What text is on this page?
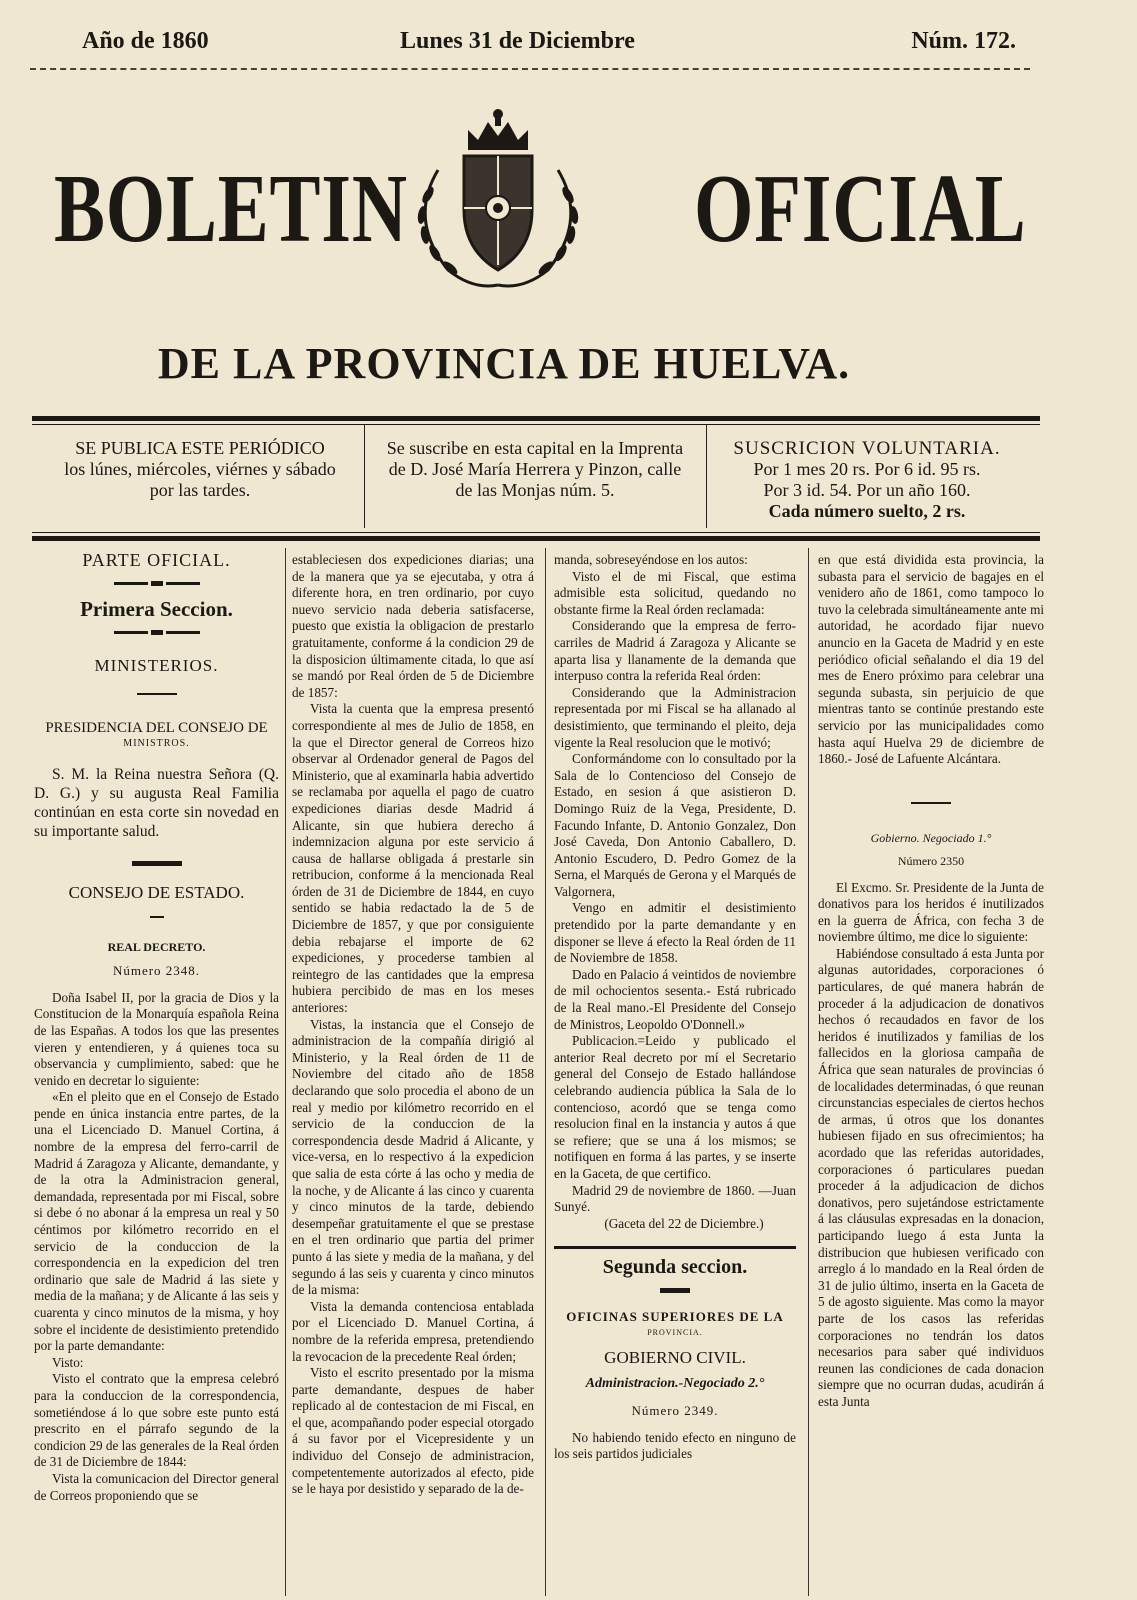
Año de 1860	Lunes 31 de Diciembre	Núm. 172.
BOLETIN	OFICIAL
DE LA PROVINCIA DE HUELVA.
SE PUBLICA ESTE PERIÓDICO
los lúnes, miércoles, viérnes y sábado
por las tardes.
Se suscribe en esta capital en la Imprenta
de D. José María Herrera y Pinzon, calle
de las Monjas núm. 5.
SUSCRICION VOLUNTARIA.
Por 1 mes 20 rs. Por 6 id. 95 rs.
Por 3 id. 54. Por un año 160.
Cada número suelto, 2 rs.
PARTE OFICIAL.
Primera Seccion.
MINISTERIOS.
PRESIDENCIA DEL CONSEJO DE
MINISTROS.

S. M. la Reina nuestra Señora (Q. D. G.) y su augusta Real Familia continúan en esta corte sin novedad en su importante salud.

CONSEJO DE ESTADO.
REAL DECRETO.
Número 2348.

Doña Isabel II, por la gracia de Dios y la Constitucion de la Monarquía española Reina de las Españas. A todos los que las presentes vieren y entendieren, y á quienes toca su observancia y cumplimiento, sabed: que he venido en decretar lo siguiente:

«En el pleito que en el Consejo de Estado pende en única instancia entre partes, de la una el Licenciado D. Manuel Cortina, á nombre de la empresa del ferro-carril de Madrid á Zaragoza y Alicante, demandante, y de la otra la Administracion general, demandada, representada por mi Fiscal, sobre si debe ó no abonar á la empresa un real y 50 céntimos por kilómetro recorrido en el servicio de la conduccion de la correspondencia en la expedicion del tren ordinario que sale de Madrid á las siete y media de la mañana; y de Alicante á las seis y cuarenta y cinco minutos de la misma, y hoy sobre el incidente de desistimiento pretendido por la parte demandante:

Visto:

Visto el contrato que la empresa celebró para la conduccion de la correspondencia, sometiéndose á lo que sobre este punto está prescrito en el párrafo segundo de la condicion 29 de las generales de la Real órden de 31 de Diciembre de 1844:

Vista la comunicacion del Director general de Correos proponiendo que se

estableciesen dos expediciones diarias; una de la manera que ya se ejecutaba, y otra á diferente hora, en tren ordinario, por cuyo nuevo servicio nada deberia satisfacerse, puesto que existia la obligacion de prestarlo gratuitamente, conforme á la condicion 29 de la disposicion últimamente citada, lo que así se mandó por Real órden de 5 de Diciembre de 1857:

Vista la cuenta que la empresa presentó correspondiente al mes de Julio de 1858, en la que el Director general de Correos hizo observar al Ordenador general de Pagos del Ministerio, que al examinarla habia advertido se reclamaba por aquella el pago de cuatro expediciones diarias desde Madrid á Alicante, sin que hubiera derecho á indemnizacion alguna por este servicio á causa de hallarse obligada á prestarle sin retribucion, conforme á la mencionada Real órden de 31 de Diciembre de 1844, en cuyo sentido se habia redactado la de 5 de Diciembre de 1857, y que por consiguiente debia rebajarse el importe de 62 expediciones, y procederse tambien al reintegro de las cantidades que la empresa hubiera percibido de mas en los meses anteriores:

Vistas, la instancia que el Consejo de administracion de la compañía dirigió al Ministerio, y la Real órden de 11 de Noviembre del citado año de 1858 declarando que solo procedia el abono de un real y medio por kilómetro recorrido en el servicio de la conduccion de la correspondencia desde Madrid á Alicante, y vice-versa, en lo respectivo á la expedicion que salia de esta córte á las ocho y media de la noche, y de Alicante á las cinco y cuarenta y cinco minutos de la tarde, debiendo desempeñar gratuitamente el que se prestase en el tren ordinario que partia del primer punto á las siete y media de la mañana, y del segundo á las seis y cuarenta y cinco minutos de la misma:

Vista la demanda contenciosa entablada por el Licenciado D. Manuel Cortina, á nombre de la referida empresa, pretendiendo la revocacion de la precedente Real órden;

Visto el escrito presentado por la misma parte demandante, despues de haber replicado al de contestacion de mi Fiscal, en el que, acompañando poder especial otorgado á su favor por el Vicepresidente y un individuo del Consejo de administracion, competentemente autorizados al efecto, pide se le haya por desistido y separado de la de-

manda, sobreseyéndose en los autos:

Visto el de mi Fiscal, que estima admisible esta solicitud, quedando no obstante firme la Real órden reclamada:

Considerando que la empresa de ferro-carriles de Madrid á Zaragoza y Alicante se aparta lisa y llanamente de la demanda que interpuso contra la referida Real órden:

Considerando que la Administracion representada por mi Fiscal se ha allanado al desistimiento, que terminando el pleito, deja vigente la Real resolucion que le motivó;

Conformándome con lo consultado por la Sala de lo Contencioso del Consejo de Estado, en sesion á que asistieron D. Domingo Ruiz de la Vega, Presidente, D. Facundo Infante, D. Antonio Gonzalez, Don José Caveda, Don Antonio Caballero, D. Antonio Escudero, D. Pedro Gomez de la Serna, el Marqués de Gerona y el Marqués de Valgornera,

Vengo en admitir el desistimiento pretendido por la parte demandante y en disponer se lleve á efecto la Real órden de 11 de Noviembre de 1858.

Dado en Palacio á veintidos de noviembre de mil ochocientos sesenta.- Está rubricado de la Real mano.-El Presidente del Consejo de Ministros, Leopoldo O'Donnell.»

Publicacion.=Leido y publicado el anterior Real decreto por mí el Secretario general del Consejo de Estado hallándose celebrando audiencia pública la Sala de lo contencioso, acordó que se tenga como resolucion final en la instancia y autos á que se refiere; que se una á los mismos; se notifiquen en forma á las partes, y se inserte en la Gaceta, de que certifico.

Madrid 29 de noviembre de 1860. —Juan Sunyé.

(Gaceta del 22 de Diciembre.)

Segunda seccion.
OFICINAS SUPERIORES DE LA
PROVINCIA.
GOBIERNO CIVIL.
Administracion.-Negociado 2.°
Número 2349.

No habiendo tenido efecto en ninguno de los seis partidos judiciales

en que está dividida esta provincia, la subasta para el servicio de bagajes en el venidero año de 1861, como tampoco lo tuvo la celebrada simultáneamente ante mi autoridad, he acordado fijar nuevo anuncio en la Gaceta de Madrid y en este periódico oficial señalando el dia 19 del mes de Enero próximo para celebrar una segunda subasta, sin perjuicio de que mientras tanto se continúe prestando este servicio por las municipalidades como hasta aquí Huelva 29 de diciembre de 1860.- José de Lafuente Alcántara.

Gobierno. Negociado 1.°
Número 2350

El Excmo. Sr. Presidente de la Junta de donativos para los heridos é inutilizados en la guerra de África, con fecha 3 de noviembre último, me dice lo siguiente:

Habiéndose consultado á esta Junta por algunas autoridades, corporaciones ó particulares, de qué manera habrán de proceder á la adjudicacion de donativos hechos ó recaudados en favor de los heridos é inutilizados y familias de los fallecidos en la gloriosa campaña de África que sean naturales de provincias ó de localidades determinadas, ó que reunan circunstancias especiales de ciertos hechos de armas, ú otros que los donantes hubiesen fijado en sus ofrecimientos; ha acordado que las referidas autoridades, corporaciones ó particulares puedan proceder á la adjudicacion de dichos donativos, pero sujetándose estrictamente á las cláusulas expresadas en la donacion, participando luego á esta Junta la distribucion que hubiesen verificado con arreglo á lo mandado en la Real órden de 31 de julio último, inserta en la Gaceta de 5 de agosto siguiente. Mas como la mayor parte de los casos las referidas corporaciones no tendrán los datos necesarios para saber qué individuos reunen las condiciones de cada donacion siempre que no ocurran dudas, acudirán á esta Junta
